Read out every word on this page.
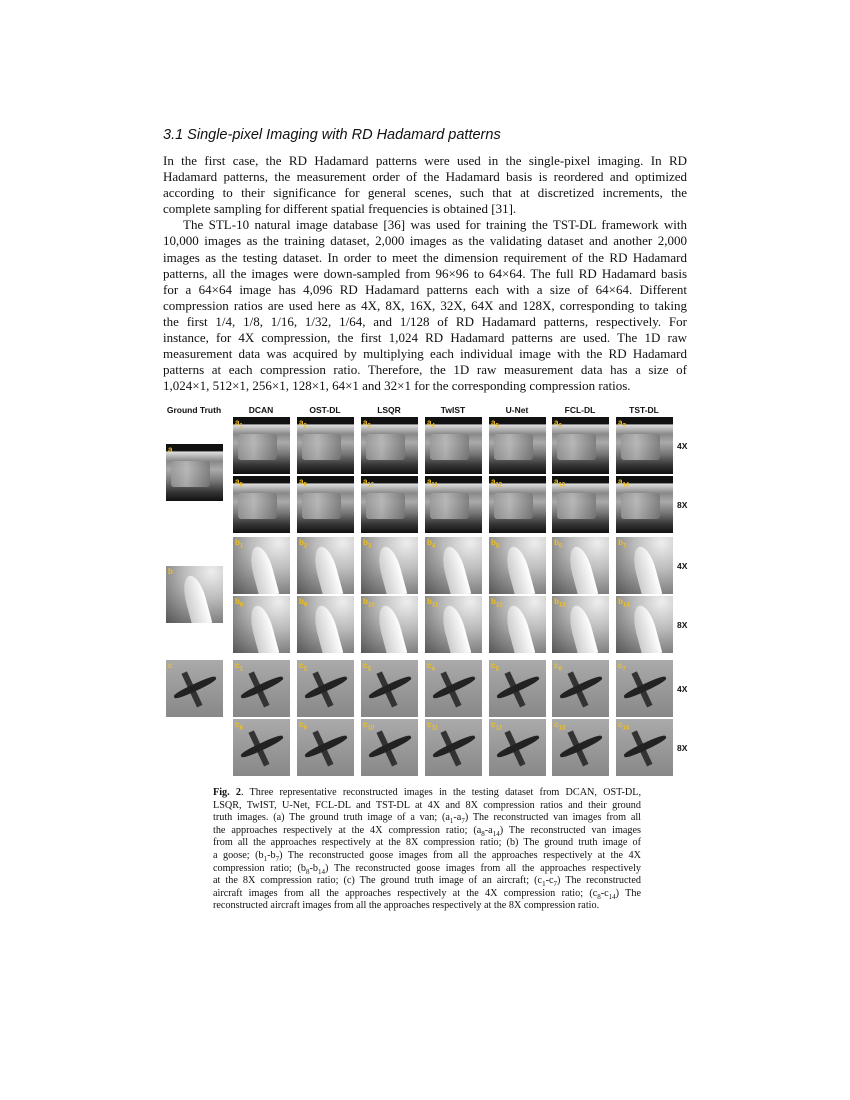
3.1 Single-pixel Imaging with RD Hadamard patterns
In the first case, the RD Hadamard patterns were used in the single-pixel imaging. In RD
Hadamard patterns, the measurement order of the Hadamard basis is reordered and optimized
according to their significance for general scenes, such that at discretized increments, the
complete sampling for different spatial frequencies is obtained [31].
The STL-10 natural image database [36] was used for training the TST-DL framework with
10,000 images as the training dataset, 2,000 images as the validating dataset and another 2,000
images as the testing dataset. In order to meet the dimension requirement of the RD Hadamard
patterns, all the images were down-sampled from 96×96 to 64×64. The full RD Hadamard basis
for a 64×64 image has 4,096 RD Hadamard patterns each with a size of 64×64. Different
compression ratios are used here as 4X, 8X, 16X, 32X, 64X and 128X, corresponding to taking
the first 1/4, 1/8, 1/16, 1/32, 1/64, and 1/128 of RD Hadamard patterns, respectively. For
instance, for 4X compression, the first 1,024 RD Hadamard patterns are used. The 1D raw
measurement data was acquired by multiplying each individual image with the RD Hadamard
patterns at each compression ratio. Therefore, the 1D raw measurement data has a size of
1,024×1, 512×1, 256×1, 128×1, 64×1 and 32×1 for the corresponding compression ratios.
Ground Truth	DCAN	OST-DL	LSQR	TwIST	U-Net	FCL-DL	TST-DL
a
$a_1$	$a_2$	$a_3$	$a_4$	$a_5$	$a_6$	$a_7$
4X
$a_8$	$a_9$	$a_{10}$	$a_{11}$	$a_{12}$	$a_{13}$	$a_{14}$
8X
b
$b_1$	$b_2$	$b_3$	$b_4$	$b_5$	$b_6$	$b_7$
4X
$b_8$	$b_9$	$b_{10}$	$b_{11}$	$b_{12}$	$b_{13}$	$b_{14}$
8X
c	$c_1$	$c_2$	$c_3$	$c_4$	$c_5$	$c_6$	$c_7$
4X
$c_8$	$c_9$	$c_{10}$	$c_{11}$	$c_{12}$	$c_{13}$	$c_{14}$
8X
Fig. 2. Three representative reconstructed images in the testing dataset from DCAN, OST-DL,
LSQR, TwIST, U-Net, FCL-DL and TST-DL at 4X and 8X compression ratios and their ground
truth images. (a) The ground truth image of a van; $(a_1-a_7)$ The reconstructed van images from all
the approaches respectively at the 4X compression ratio; $(a_8-a_{14})$ The reconstructed van images
from all the approaches respectively at the 8X compression ratio; (b) The ground truth image of
a goose; $(b_1-b_7)$ The reconstructed goose images from all the approaches respectively at the 4X
compression ratio; $(b_8-b_{14})$ The reconstructed goose images from all the approaches respectively
at the 8X compression ratio; (c) The ground truth image of an aircraft; $(c_1-c_7)$ The reconstructed
aircraft images from all the approaches respectively at the 4X compression ratio; $(c_8-c_{14})$ The
reconstructed aircraft images from all the approaches respectively at the 8X compression ratio.
